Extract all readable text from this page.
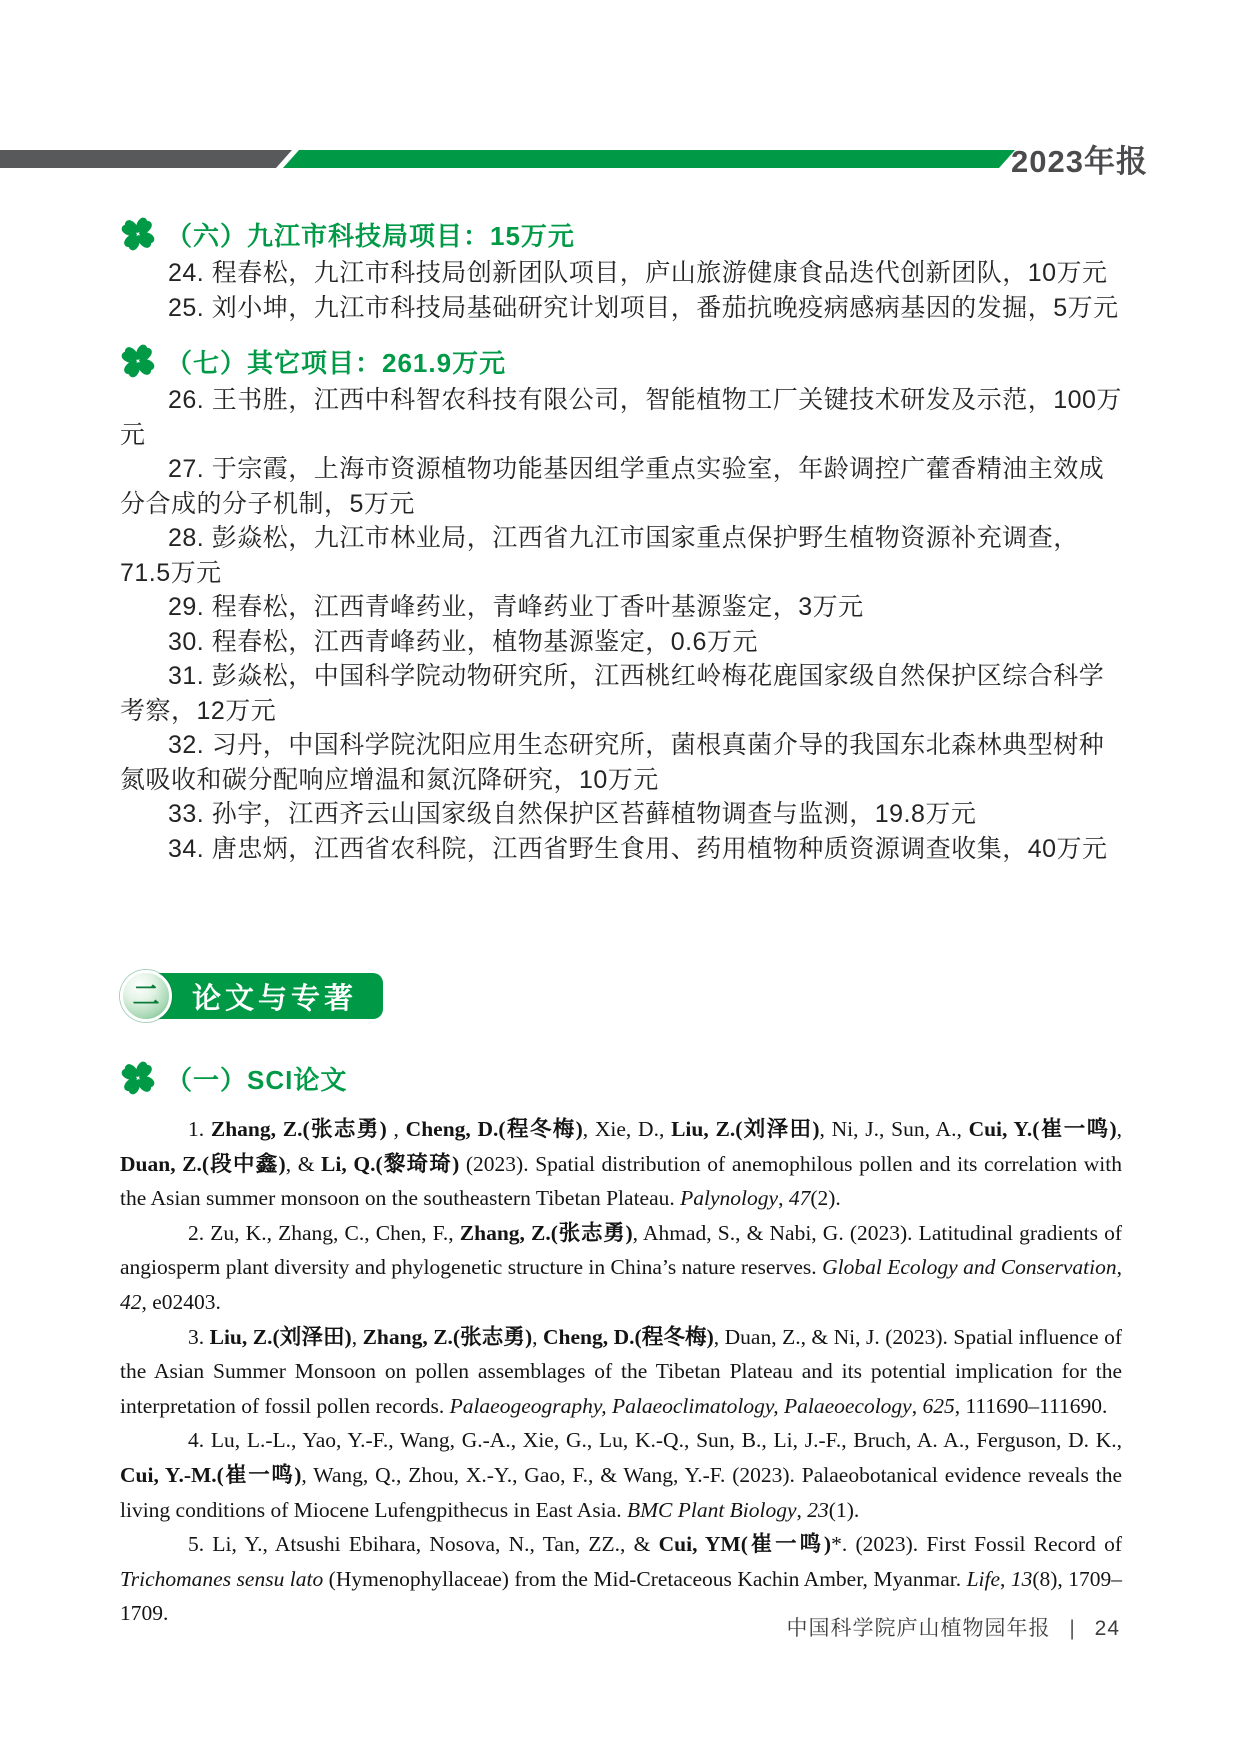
2023年报
（六）九江市科技局项目：15万元

24. 程春松，九江市科技局创新团队项目，庐山旅游健康食品迭代创新团队，10万元

25. 刘小坤，九江市科技局基础研究计划项目，番茄抗晚疫病感病基因的发掘，5万元

（七）其它项目：261.9万元

26. 王书胜，江西中科智农科技有限公司，智能植物工厂关键技术研发及示范，100万元

27. 于宗霞，上海市资源植物功能基因组学重点实验室，年龄调控广藿香精油主效成分合成的分子机制，5万元

28. 彭焱松，九江市林业局，江西省九江市国家重点保护野生植物资源补充调查，71.5万元

29. 程春松，江西青峰药业，青峰药业丁香叶基源鉴定，3万元

30. 程春松，江西青峰药业，植物基源鉴定，0.6万元

31. 彭焱松，中国科学院动物研究所，江西桃红岭梅花鹿国家级自然保护区综合科学考察，12万元

32. 习丹，中国科学院沈阳应用生态研究所，菌根真菌介导的我国东北森林典型树种氮吸收和碳分配响应增温和氮沉降研究，10万元

33. 孙宇，江西齐云山国家级自然保护区苔藓植物调查与监测，19.8万元

34. 唐忠炳，江西省农科院，江西省野生食用、药用植物种质资源调查收集，40万元

论文与专著
二
（一）SCI论文

1. Zhang, Z.(张志勇) , Cheng, D.(程冬梅), Xie, D., Liu, Z.(刘泽田), Ni, J., Sun, A., Cui, Y.(崔一鸣), Duan, Z.(段中鑫), & Li, Q.(黎琦琦) (2023). Spatial distribution of anemophilous pollen and its correlation with the Asian summer monsoon on the southeastern Tibetan Plateau. Palynology, 47(2).

2. Zu, K., Zhang, C., Chen, F., Zhang, Z.(张志勇), Ahmad, S., & Nabi, G. (2023). Latitudinal gradients of angiosperm plant diversity and phylogenetic structure in China’s nature reserves. Global Ecology and Conservation, 42, e02403.

3. Liu, Z.(刘泽田), Zhang, Z.(张志勇), Cheng, D.(程冬梅), Duan, Z., & Ni, J. (2023). Spatial influence of the Asian Summer Monsoon on pollen assemblages of the Tibetan Plateau and its potential implication for the interpretation of fossil pollen records. Palaeogeography, Palaeoclimatology, Palaeoecology, 625, 111690–111690.

4. Lu, L.-L., Yao, Y.-F., Wang, G.-A., Xie, G., Lu, K.-Q., Sun, B., Li, J.-F., Bruch, A. A., Ferguson, D. K., Cui, Y.-M.(崔一鸣), Wang, Q., Zhou, X.-Y., Gao, F., & Wang, Y.-F. (2023). Palaeobotanical evidence reveals the living conditions of Miocene Lufengpithecus in East Asia. BMC Plant Biology, 23(1).

5. Li, Y., Atsushi Ebihara, Nosova, N., Tan, ZZ., & Cui, YM(崔一鸣)*. (2023). First Fossil Record of Trichomanes sensu lato (Hymenophyllaceae) from the Mid-Cretaceous Kachin Amber, Myanmar. Life, 13(8), 1709–1709.

中国科学院庐山植物园年报 | 24
